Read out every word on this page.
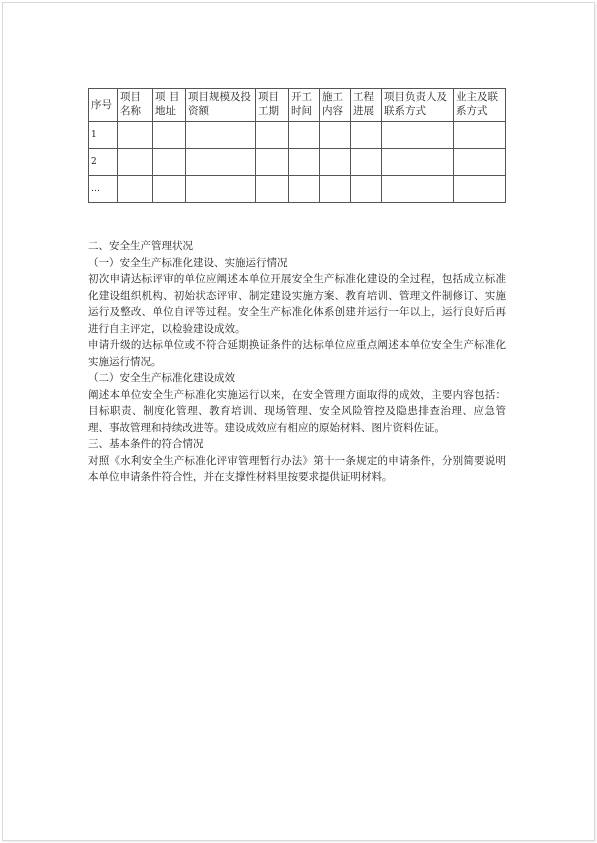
序号	项目名称	项 目地址	项目规模及投资额	项目工期	开工时间	施工内容	工程进展	项目负责人及联系方式	业主及联系方式
1									
2									
…									

二、安全生产管理状况

（一）安全生产标准化建设、实施运行情况

初次申请达标评审的单位应阐述本单位开展安全生产标准化建设的全过程，包括成立标准化建设组织机构、初始状态评审、制定建设实施方案、教育培训、管理文件制修订、实施运行及整改、单位自评等过程。安全生产标准化体系创建并运行一年以上，运行良好后再进行自主评定，以检验建设成效。

申请升级的达标单位或不符合延期换证条件的达标单位应重点阐述本单位安全生产标准化实施运行情况。

（二）安全生产标准化建设成效

阐述本单位安全生产标准化实施运行以来，在安全管理方面取得的成效，主要内容包括：目标职责、制度化管理、教育培训、现场管理、安全风险管控及隐患排查治理、应急管理、事故管理和持续改进等。建设成效应有相应的原始材料、图片资料佐证。

三、基本条件的符合情况

对照《水利安全生产标准化评审管理暂行办法》第十一条规定的申请条件，分别简要说明本单位申请条件符合性，并在支撑性材料里按要求提供证明材料。
